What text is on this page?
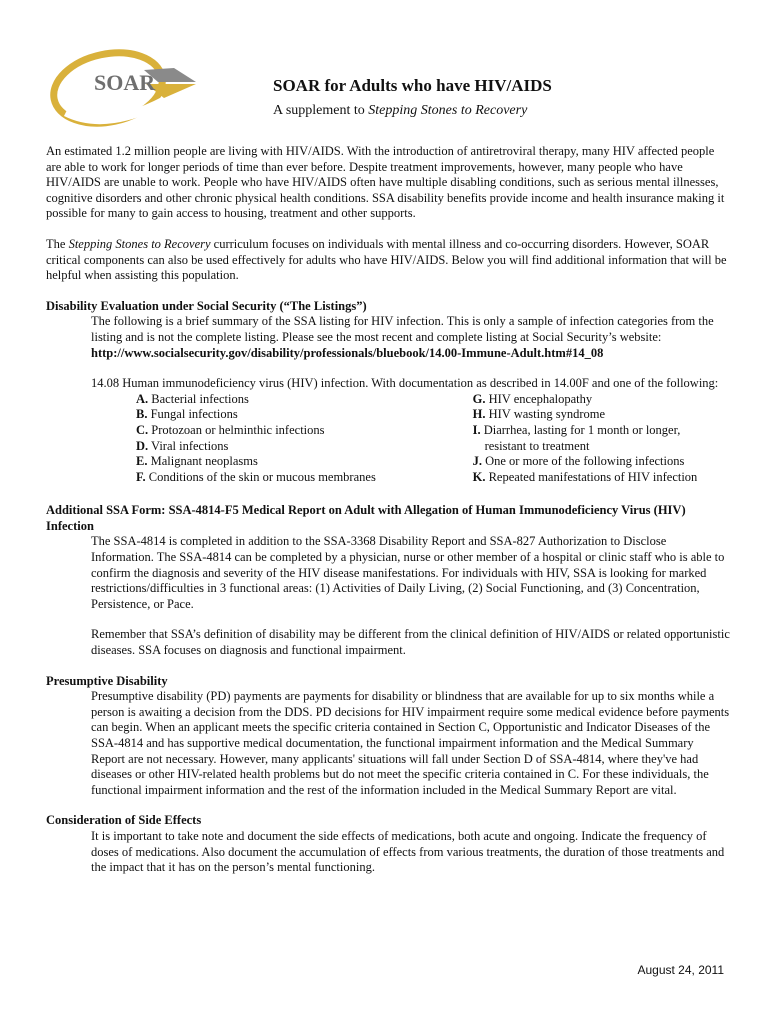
SOAR	SOAR for Adults who have HIV/AIDS
A supplement to Stepping Stones to Recovery

An estimated 1.2 million people are living with HIV/AIDS. With the introduction of antiretroviral therapy, many HIV affected people are able to work for longer periods of time than ever before. Despite treatment improvements, however, many people who have HIV/AIDS are unable to work. People who have HIV/AIDS often have multiple disabling conditions, such as serious mental illnesses, cognitive disorders and other chronic physical health conditions. SSA disability benefits provide income and health insurance making it possible for many to gain access to housing, treatment and other supports.

The Stepping Stones to Recovery curriculum focuses on individuals with mental illness and co-occurring disorders. However, SOAR critical components can also be used effectively for adults who have HIV/AIDS. Below you will find additional information that will be helpful when assisting this population.

Disability Evaluation under Social Security (“The Listings”)

The following is a brief summary of the SSA listing for HIV infection. This is only a sample of infection categories from the listing and is not the complete listing. Please see the most recent and complete listing at Social Security’s website:
http://www.socialsecurity.gov/disability/professionals/bluebook/14.00-Immune-Adult.htm#14_08

14.08 Human immunodeficiency virus (HIV) infection. With documentation as described in 14.00F and one of the following:

A. Bacterial infections

B. Fungal infections

C. Protozoan or helminthic infections

D. Viral infections

E. Malignant neoplasms

F. Conditions of the skin or mucous membranes

G. HIV encephalopathy

H. HIV wasting syndrome

I. Diarrhea, lasting for 1 month or longer,

resistant to treatment

J. One or more of the following infections

K. Repeated manifestations of HIV infection

Additional SSA Form: SSA-4814-F5 Medical Report on Adult with Allegation of Human Immunodeficiency Virus (HIV) Infection

The SSA-4814 is completed in addition to the SSA-3368 Disability Report and SSA-827 Authorization to Disclose Information. The SSA-4814 can be completed by a physician, nurse or other member of a hospital or clinic staff who is able to confirm the diagnosis and severity of the HIV disease manifestations. For individuals with HIV, SSA is looking for marked restrictions/difficulties in 3 functional areas: (1) Activities of Daily Living, (2) Social Functioning, and (3) Concentration, Persistence, or Pace.

Remember that SSA’s definition of disability may be different from the clinical definition of HIV/AIDS or related opportunistic diseases. SSA focuses on diagnosis and functional impairment.

Presumptive Disability

Presumptive disability (PD) payments are payments for disability or blindness that are available for up to six months while a person is awaiting a decision from the DDS. PD decisions for HIV impairment require some medical evidence before payments can begin. When an applicant meets the specific criteria contained in Section C, Opportunistic and Indicator Diseases of the SSA-4814 and has supportive medical documentation, the functional impairment information and the Medical Summary Report are not necessary. However, many applicants' situations will fall under Section D of SSA-4814, where they've had diseases or other HIV-related health problems but do not meet the specific criteria contained in C. For these individuals, the functional impairment information and the rest of the information included in the Medical Summary Report are vital.

Consideration of Side Effects

It is important to take note and document the side effects of medications, both acute and ongoing. Indicate the frequency of doses of medications. Also document the accumulation of effects from various treatments, the duration of those treatments and the impact that it has on the person’s mental functioning.

August 24, 2011
